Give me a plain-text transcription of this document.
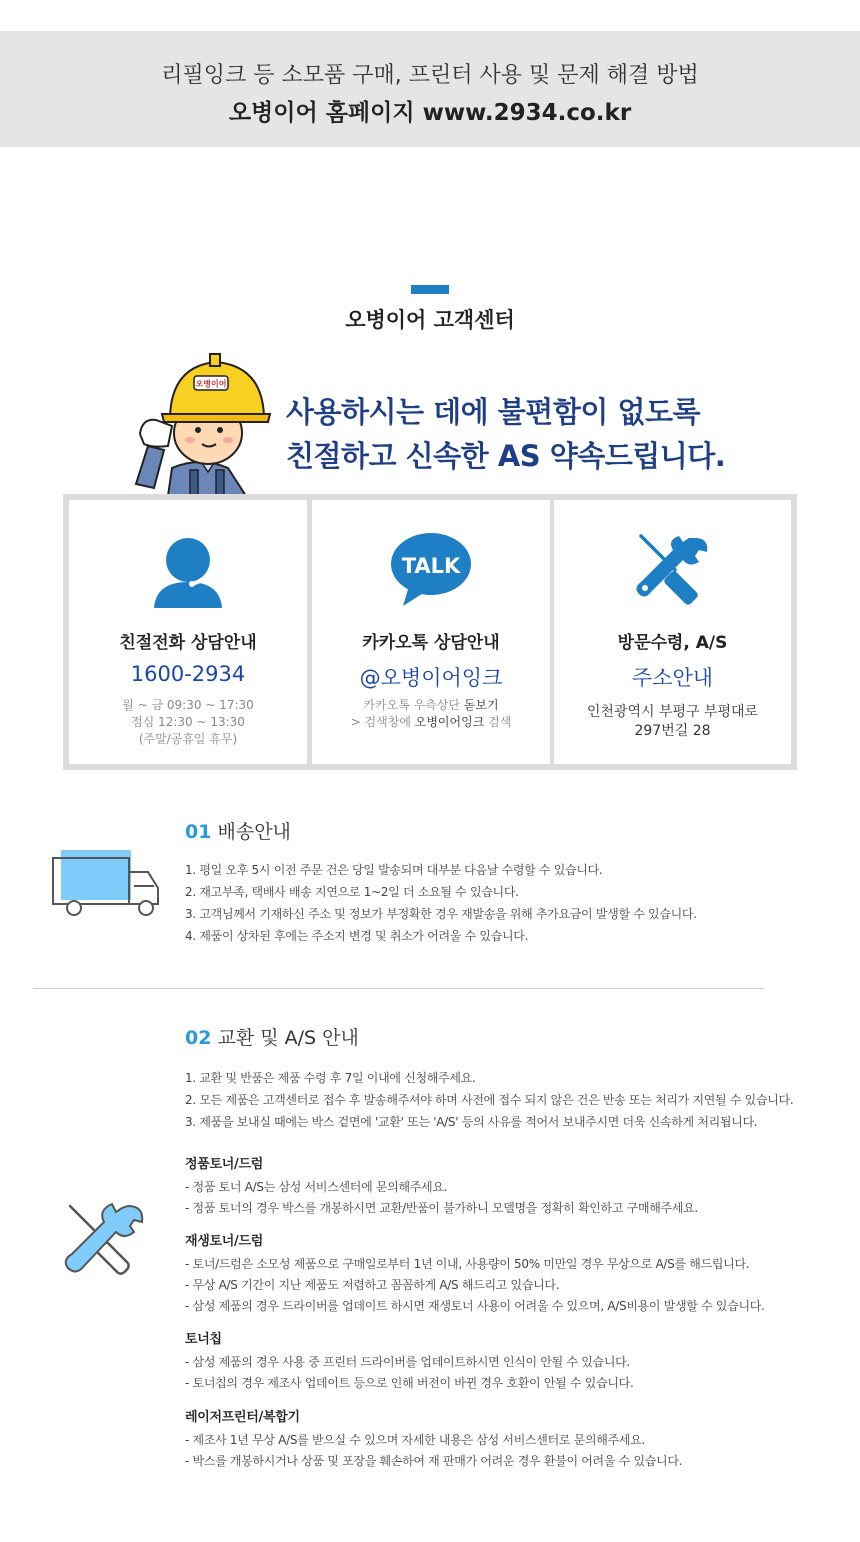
리필잉크 등 소모품 구매, 프린터 사용 및 문제 해결 방법
오병이어 홈페이지 www.2934.co.kr
오병이어 고객센터
오병이어
사용하시는 데에 불편함이 없도록
친절하고 신속한 AS 약속드립니다.
친절전화 상담안내
1600-2934
월 ~ 금 09:30 ~ 17:30
점심 12:30 ~ 13:30
(주말/공휴일 휴무)
TALK
카카오톡 상담안내
@오병이어잉크
카카오톡 우측상단 돋보기
> 검색창에 오병이어잉크 검색
방문수령, A/S
주소안내
인천광역시 부평구 부평대로
297번길 28
01 배송안내
1. 평일 오후 5시 이전 주문 건은 당일 발송되며 대부분 다음날 수령할 수 있습니다.
2. 재고부족, 택배사 배송 지연으로 1~2일 더 소요될 수 있습니다.
3. 고객님께서 기재하신 주소 및 정보가 부정확한 경우 재발송을 위해 추가요금이 발생할 수 있습니다.
4. 제품이 상차된 후에는 주소지 변경 및 취소가 어려울 수 있습니다.
02 교환 및 A/S 안내
1. 교환 및 반품은 제품 수령 후 7일 이내에 신청해주세요.
2. 모든 제품은 고객센터로 접수 후 발송해주셔야 하며 사전에 접수 되지 않은 건은 반송 또는 처리가 지연될 수 있습니다.
3. 제품을 보내실 때에는 박스 겉면에 '교환' 또는 'A/S' 등의 사유를 적어서 보내주시면 더욱 신속하게 처리됩니다.
정품토너/드럼
- 정품 토너 A/S는 삼성 서비스센터에 문의해주세요.
- 정품 토너의 경우 박스를 개봉하시면 교환/반품이 불가하니 모델명을 정확히 확인하고 구매해주세요.
재생토너/드럼
- 토너/드럼은 소모성 제품으로 구매일로부터 1년 이내, 사용량이 50% 미만일 경우 무상으로 A/S를 해드립니다.
- 무상 A/S 기간이 지난 제품도 저렴하고 꼼꼼하게 A/S 해드리고 있습니다.
- 삼성 제품의 경우 드라이버를 업데이트 하시면 재생토너 사용이 어려울 수 있으며, A/S비용이 발생할 수 있습니다.
토너칩
- 삼성 제품의 경우 사용 중 프린터 드라이버를 업데이트하시면 인식이 안될 수 있습니다.
- 토너칩의 경우 제조사 업데이트 등으로 인해 버전이 바뀐 경우 호환이 안될 수 있습니다.
레이저프린터/복합기
- 제조사 1년 무상 A/S를 받으실 수 있으며 자세한 내용은 삼성 서비스센터로 문의해주세요.
- 박스를 개봉하시거나 상품 및 포장을 훼손하여 재 판매가 어려운 경우 환불이 어려울 수 있습니다.
